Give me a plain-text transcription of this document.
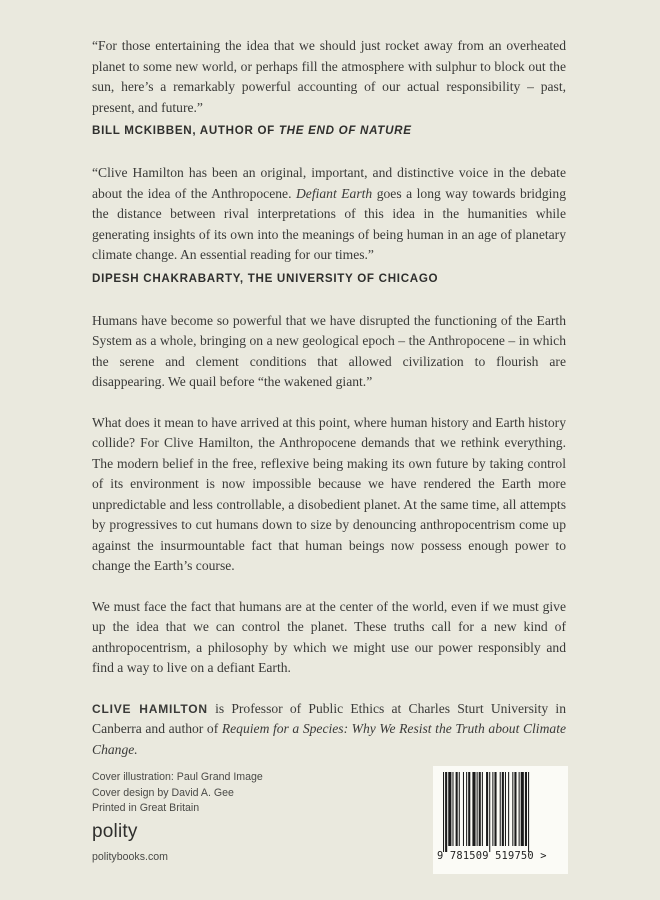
“For those entertaining the idea that we should just rocket away from an overheated planet to some new world, or perhaps fill the atmosphere with sulphur to block out the sun, here’s a remarkably powerful accounting of our actual responsibility – past, present, and future.”

BILL MCKIBBEN, AUTHOR OF THE END OF NATURE

“Clive Hamilton has been an original, important, and distinctive voice in the debate about the idea of the Anthropocene. Defiant Earth goes a long way towards bridging the distance between rival interpretations of this idea in the humanities while generating insights of its own into the meanings of being human in an age of planetary climate change. An essential reading for our times.”

DIPESH CHAKRABARTY, THE UNIVERSITY OF CHICAGO

Humans have become so powerful that we have disrupted the functioning of the Earth System as a whole, bringing on a new geological epoch – the Anthropocene – in which the serene and clement conditions that allowed civilization to flourish are disappearing. We quail before “the wakened giant.”

What does it mean to have arrived at this point, where human history and Earth history collide? For Clive Hamilton, the Anthropocene demands that we rethink everything. The modern belief in the free, reflexive being making its own future by taking control of its environment is now impossible because we have rendered the Earth more unpredictable and less controllable, a disobedient planet. At the same time, all attempts by progressives to cut humans down to size by denouncing anthropocentrism come up against the insurmountable fact that human beings now possess enough power to change the Earth’s course.

We must face the fact that humans are at the center of the world, even if we must give up the idea that we can control the planet. These truths call for a new kind of anthropocentrism, a philosophy by which we might use our power responsibly and find a way to live on a defiant Earth.

CLIVE HAMILTON is Professor of Public Ethics at Charles Sturt University in Canberra and author of Requiem for a Species: Why We Resist the Truth about Climate Change.

Cover illustration: Paul Grand Image
Cover design by David A. Gee
Printed in Great Britain
polity
politybooks.com	9 781509 519750 >
